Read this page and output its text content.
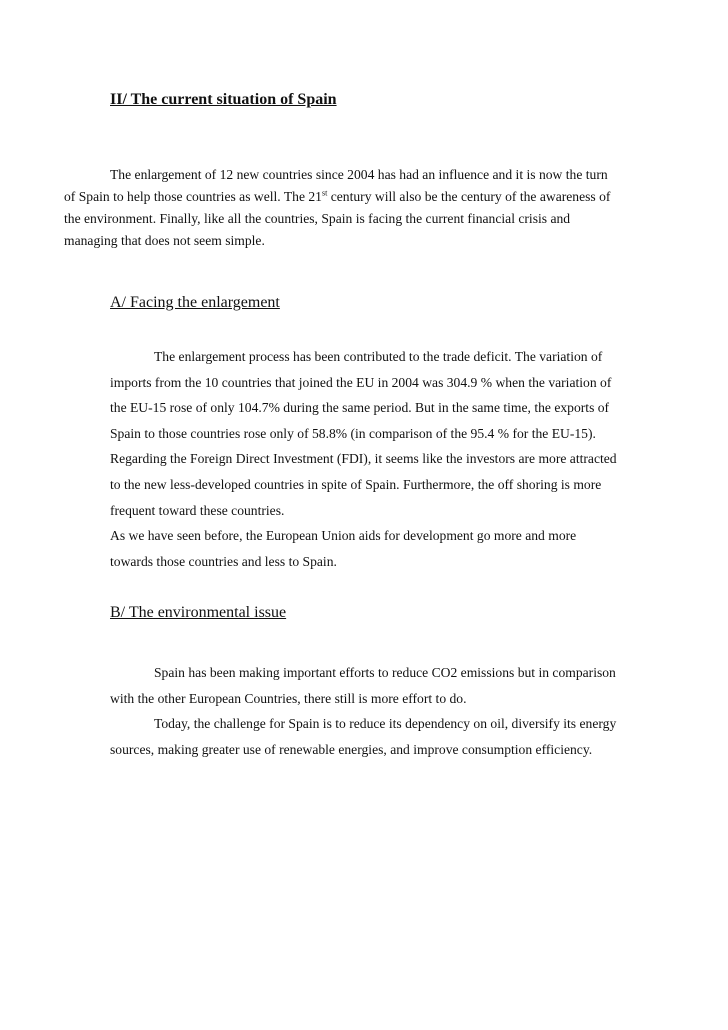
II/ The current situation of Spain

The enlargement of 12 new countries since 2004 has had an influence and it is now the turn
of Spain to help those countries as well. The 21st century will also be the century of the awareness of
the environment. Finally, like all the countries, Spain is facing the current financial crisis and
managing that does not seem simple.

A/ Facing the enlargement

The enlargement process has been contributed to the trade deficit. The variation of
imports from the 10 countries that joined the EU in 2004 was 304.9 % when the variation of
the EU-15 rose of only 104.7% during the same period. But in the same time, the exports of
Spain to those countries rose only of 58.8% (in comparison of the 95.4 % for the EU-15).
Regarding the Foreign Direct Investment (FDI), it seems like the investors are more attracted
to the new less-developed countries in spite of Spain. Furthermore, the off shoring is more
frequent toward these countries.
As we have seen before, the European Union aids for development go more and more
towards those countries and less to Spain.

B/ The environmental issue

Spain has been making important efforts to reduce CO2 emissions but in comparison
with the other European Countries, there still is more effort to do.
Today, the challenge for Spain is to reduce its dependency on oil, diversify its energy
sources, making greater use of renewable energies, and improve consumption efficiency.
